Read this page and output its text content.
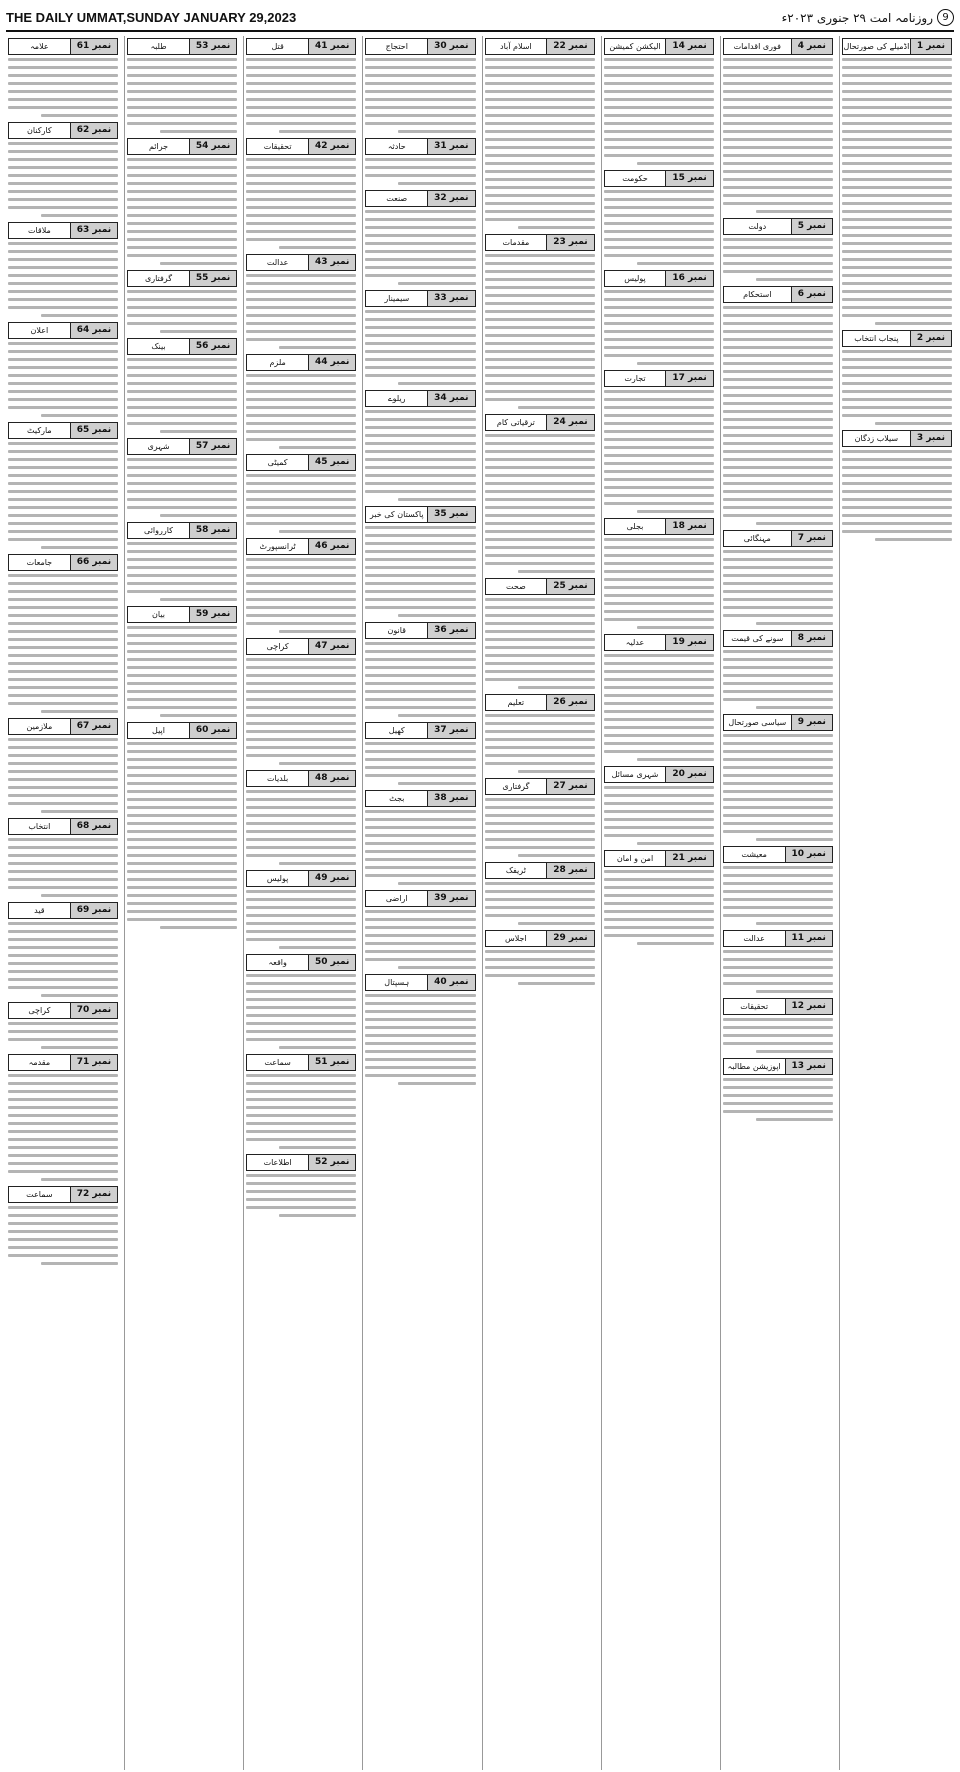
THE DAILY UMMAT,SUNDAY JANUARY 29,2023	9
روزنامہ امت ۲۹ جنوری ۲۰۲۳ء
نمبر 1
اڈمیلے کی صورتحال
نمبر 2
پنجاب انتخاب
نمبر 3
سیلاب زدگان
نمبر 4
فوری اقدامات
نمبر 5
دولت
نمبر 6
استحکام
نمبر 7
مہنگائی
نمبر 8
سونے کی قیمت
نمبر 9
سیاسی صورتحال
نمبر 10
معیشت
نمبر 11
عدالت
نمبر 12
تحقیقات
نمبر 13
اپوزیشن مطالبہ
نمبر 14
الیکشن کمیشن
نمبر 15
حکومت
نمبر 16
پولیس
نمبر 17
تجارت
نمبر 18
بجلی
نمبر 19
عدلیہ
نمبر 20
شہری مسائل
نمبر 21
امن و امان
نمبر 22
اسلام آباد
نمبر 23
مقدمات
نمبر 24
ترقیاتی کام
نمبر 25
صحت
نمبر 26
تعلیم
نمبر 27
گرفتاری
نمبر 28
ٹریفک
نمبر 29
اجلاس
نمبر 30
احتجاج
نمبر 31
حادثہ
نمبر 32
صنعت
نمبر 33
سیمینار
نمبر 34
ریلوے
نمبر 35
پاکستان کی خبر
نمبر 36
قانون
نمبر 37
کھیل
نمبر 38
بجٹ
نمبر 39
اراضی
نمبر 40
ہسپتال
نمبر 41
قتل
نمبر 42
تحقیقات
نمبر 43
عدالت
نمبر 44
ملزم
نمبر 45
کمیٹی
نمبر 46
ٹرانسپورٹ
نمبر 47
کراچی
نمبر 48
بلدیات
نمبر 49
پولیس
نمبر 50
واقعہ
نمبر 51
سماعت
نمبر 52
اطلاعات
نمبر 53
طلبہ
نمبر 54
جرائم
نمبر 55
گرفتاری
نمبر 56
بینک
نمبر 57
شہری
نمبر 58
کارروائی
نمبر 59
بیان
نمبر 60
اپیل
نمبر 61
علامہ
نمبر 62
کارکنان
نمبر 63
ملاقات
نمبر 64
اعلان
نمبر 65
مارکیٹ
نمبر 66
جامعات
نمبر 67
ملازمین
نمبر 68
انتخاب
نمبر 69
قید
نمبر 70
کراچی
نمبر 71
مقدمہ
نمبر 72
سماعت
